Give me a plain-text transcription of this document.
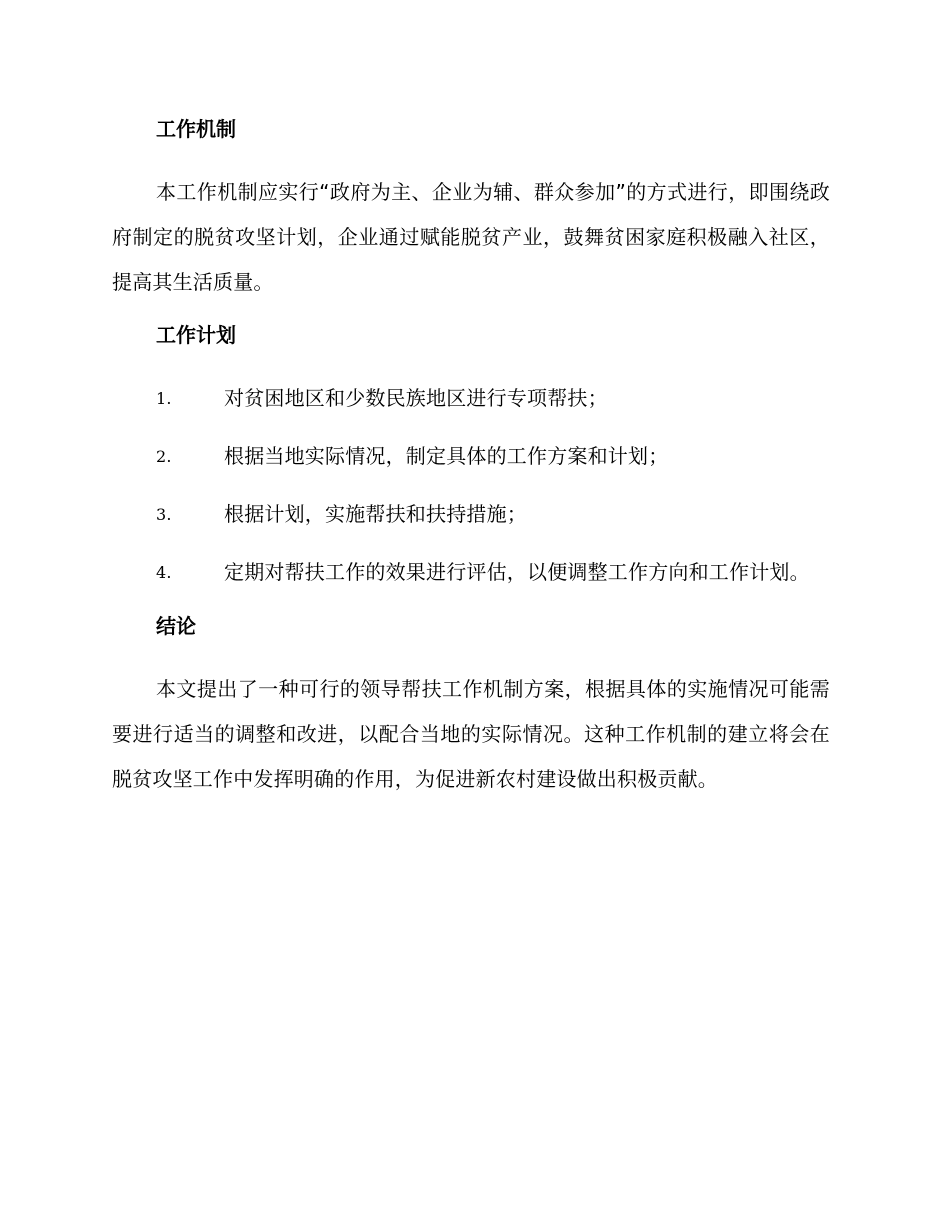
工作机制

本工作机制应实行“政府为主、企业为辅、群众参加”的方式进行，即围绕政府制定的脱贫攻坚计划，企业通过赋能脱贫产业，鼓舞贫困家庭积极融入社区，提高其生活质量。

工作计划
1.	对贫困地区和少数民族地区进行专项帮扶；
2.	根据当地实际情况，制定具体的工作方案和计划；
3.	根据计划，实施帮扶和扶持措施；
4.	定期对帮扶工作的效果进行评估，以便调整工作方向和工作计划。
结论

本文提出了一种可行的领导帮扶工作机制方案，根据具体的实施情况可能需要进行适当的调整和改进，以配合当地的实际情况。这种工作机制的建立将会在脱贫攻坚工作中发挥明确的作用，为促进新农村建设做出积极贡献。
